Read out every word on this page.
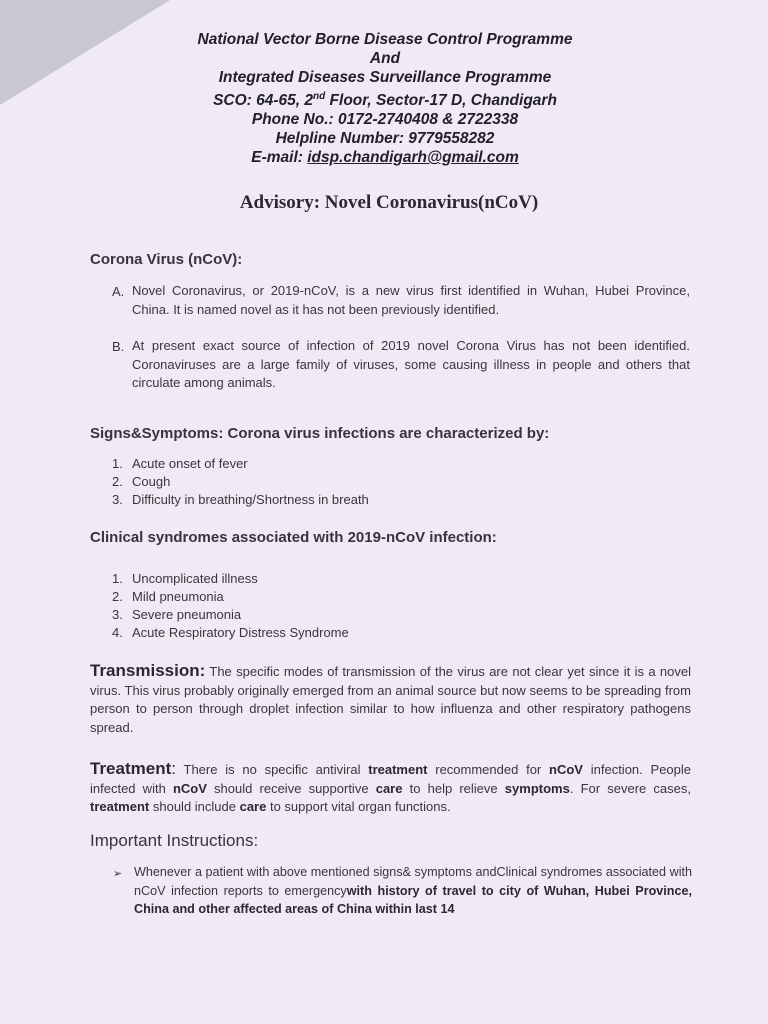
National Vector Borne Disease Control Programme
And
Integrated Diseases Surveillance Programme
SCO: 64-65, 2nd Floor, Sector-17 D, Chandigarh
Phone No.: 0172-2740408 & 2722338
Helpline Number: 9779558282
E-mail: idsp.chandigarh@gmail.com
Advisory: Novel Coronavirus(nCoV)
Corona Virus (nCoV):
A. Novel Coronavirus, or 2019-nCoV, is a new virus first identified in Wuhan, Hubei Province, China. It is named novel as it has not been previously identified.
B. At present exact source of infection of 2019 novel Corona Virus has not been identified. Coronaviruses are a large family of viruses, some causing illness in people and others that circulate among animals.
Signs&Symptoms: Corona virus infections are characterized by:
1. Acute onset of fever
2. Cough
3. Difficulty in breathing/Shortness in breath
Clinical syndromes associated with 2019-nCoV infection:
1. Uncomplicated illness
2. Mild pneumonia
3. Severe pneumonia
4. Acute Respiratory Distress Syndrome
Transmission: The specific modes of transmission of the virus are not clear yet since it is a novel virus. This virus probably originally emerged from an animal source but now seems to be spreading from person to person through droplet infection similar to how influenza and other respiratory pathogens spread.
Treatment: There is no specific antiviral treatment recommended for nCoV infection. People infected with nCoV should receive supportive care to help relieve symptoms. For severe cases, treatment should include care to support vital organ functions.
Important Instructions:
➢ Whenever a patient with above mentioned signs& symptoms andClinical syndromes associated with nCoV infection reports to emergencywith history of travel to city of Wuhan, Hubei Province, China and other affected areas of China within last 14
